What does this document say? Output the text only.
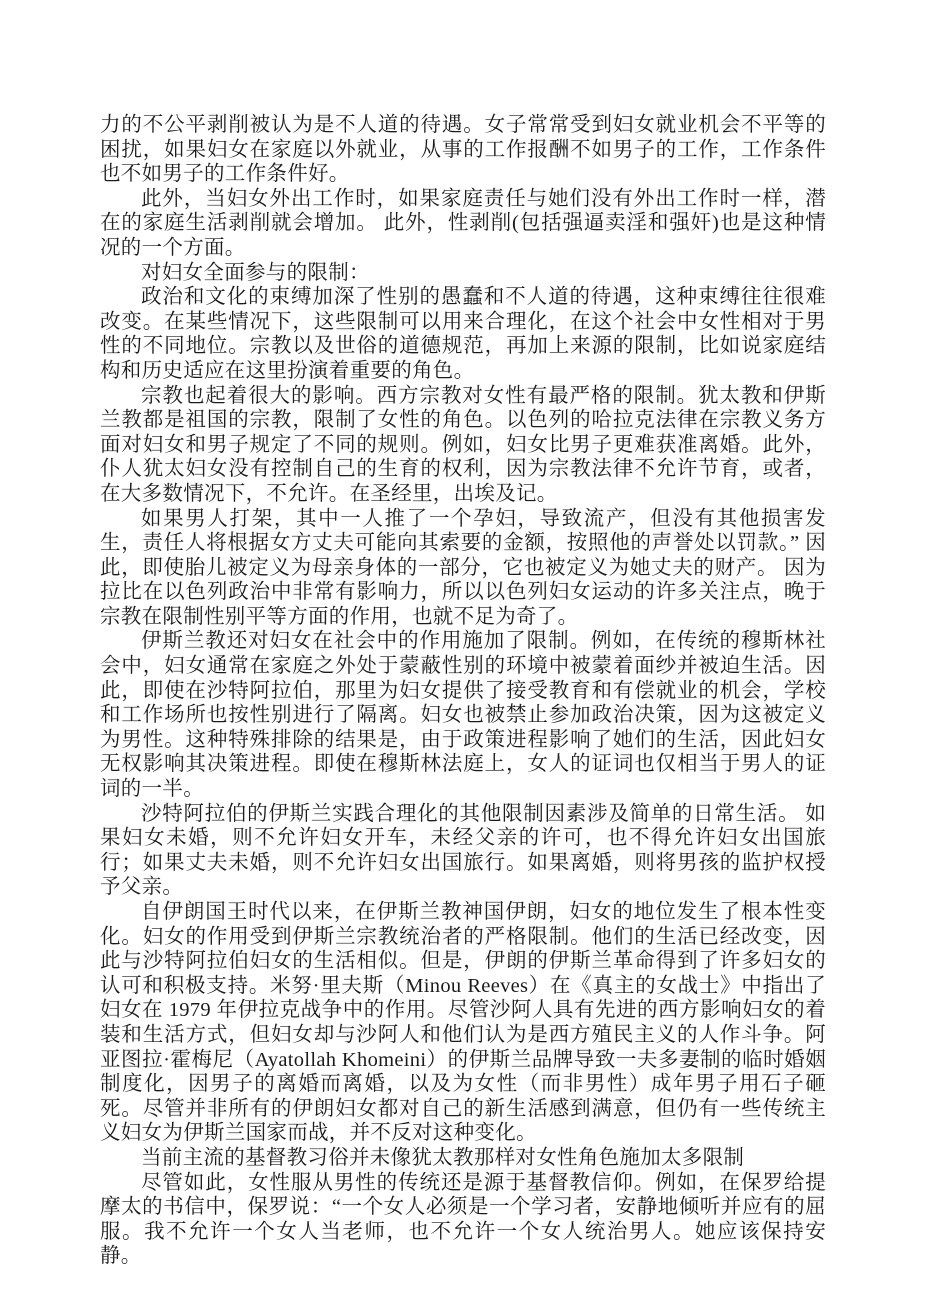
力的不公平剥削被认为是不人道的待遇。女子常常受到妇女就业机会不平等的困扰，如果妇女在家庭以外就业，从事的工作报酬不如男子的工作，工作条件也不如男子的工作条件好。

此外，当妇女外出工作时，如果家庭责任与她们没有外出工作时一样，潜在的家庭生活剥削就会增加。 此外，性剥削(包括强逼卖淫和强奸)也是这种情况的一个方面。

对妇女全面参与的限制：

政治和文化的束缚加深了性别的愚蠢和不人道的待遇，这种束缚往往很难改变。在某些情况下，这些限制可以用来合理化，在这个社会中女性相对于男性的不同地位。宗教以及世俗的道德规范，再加上来源的限制，比如说家庭结构和历史适应在这里扮演着重要的角色。

宗教也起着很大的影响。西方宗教对女性有最严格的限制。犹太教和伊斯兰教都是祖国的宗教，限制了女性的角色。以色列的哈拉克法律在宗教义务方面对妇女和男子规定了不同的规则。例如，妇女比男子更难获准离婚。此外，仆人犹太妇女没有控制自己的生育的权利，因为宗教法律不允许节育，或者，在大多数情况下，不允许。在圣经里，出埃及记。

如果男人打架，其中一人推了一个孕妇，导致流产，但没有其他损害发生，责任人将根据女方丈夫可能向其索要的金额，按照他的声誉处以罚款。” 因此，即使胎儿被定义为母亲身体的一部分，它也被定义为她丈夫的财产。 因为拉比在以色列政治中非常有影响力，所以以色列妇女运动的许多关注点，晚于宗教在限制性别平等方面的作用，也就不足为奇了。

伊斯兰教还对妇女在社会中的作用施加了限制。例如，在传统的穆斯林社会中，妇女通常在家庭之外处于蒙蔽性别的环境中被蒙着面纱并被迫生活。因此，即使在沙特阿拉伯，那里为妇女提供了接受教育和有偿就业的机会，学校和工作场所也按性别进行了隔离。妇女也被禁止参加政治决策，因为这被定义为男性。这种特殊排除的结果是，由于政策进程影响了她们的生活，因此妇女无权影响其决策进程。即使在穆斯林法庭上，女人的证词也仅相当于男人的证词的一半。

沙特阿拉伯的伊斯兰实践合理化的其他限制因素涉及简单的日常生活。 如果妇女未婚，则不允许妇女开车，未经父亲的许可，也不得允许妇女出国旅行；如果丈夫未婚，则不允许妇女出国旅行。如果离婚，则将男孩的监护权授予父亲。

自伊朗国王时代以来，在伊斯兰教神国伊朗，妇女的地位发生了根本性变化。妇女的作用受到伊斯兰宗教统治者的严格限制。他们的生活已经改变，因此与沙特阿拉伯妇女的生活相似。但是，伊朗的伊斯兰革命得到了许多妇女的认可和积极支持。米努·里夫斯（Minou Reeves）在《真主的女战士》中指出了妇女在 1979 年伊拉克战争中的作用。尽管沙阿人具有先进的西方影响妇女的着装和生活方式，但妇女却与沙阿人和他们认为是西方殖民主义的人作斗争。阿亚图拉·霍梅尼（Ayatollah Khomeini）的伊斯兰品牌导致一夫多妻制的临时婚姻制度化，因男子的离婚而离婚，以及为女性（而非男性）成年男子用石子砸死。尽管并非所有的伊朗妇女都对自己的新生活感到满意，但仍有一些传统主义妇女为伊斯兰国家而战，并不反对这种变化。

当前主流的基督教习俗并未像犹太教那样对女性角色施加太多限制

尽管如此，女性服从男性的传统还是源于基督教信仰。例如，在保罗给提摩太的书信中，保罗说：“一个女人必须是一个学习者，安静地倾听并应有的屈服。我不允许一个女人当老师，也不允许一个女人统治男人。她应该保持安静。
